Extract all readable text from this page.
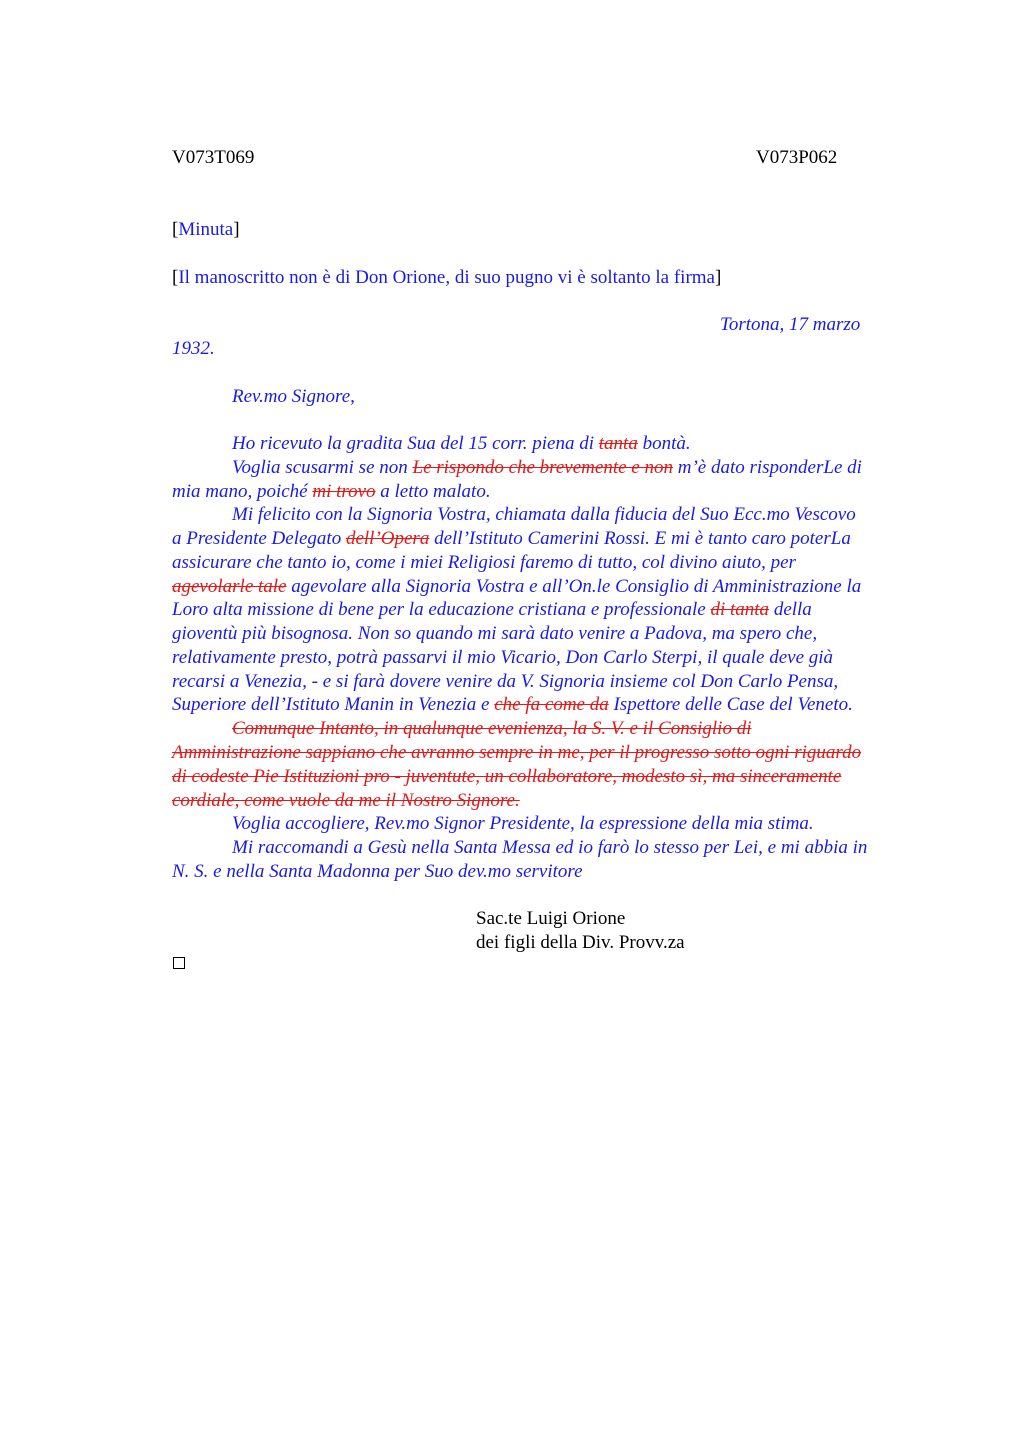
V073T069	V073P062
[Minuta]
[Il manoscritto non è di Don Orione, di suo pugno vi è soltanto la firma]
Tortona, 17 marzo
1932.
Rev.mo Signore,
Ho ricevuto la gradita Sua del 15 corr. piena di tanta bontà.
Voglia scusarmi se non Le rispondo che brevemente e non m’è dato risponderLe di
mia mano, poiché mi trovo a letto malato.
Mi felicito con la Signoria Vostra, chiamata dalla fiducia del Suo Ecc.mo Vescovo
a Presidente Delegato dell’Opera dell’Istituto Camerini Rossi. E mi è tanto caro poterLa
assicurare che tanto io, come i miei Religiosi faremo di tutto, col divino aiuto, per
agevolarle tale agevolare alla Signoria Vostra e all’On.le Consiglio di Amministrazione la
Loro alta missione di bene per la educazione cristiana e professionale di tanta della
gioventù più bisognosa. Non so quando mi sarà dato venire a Padova, ma spero che,
relativamente presto, potrà passarvi il mio Vicario, Don Carlo Sterpi, il quale deve già
recarsi a Venezia, - e si farà dovere venire da V. Signoria insieme col Don Carlo Pensa,
Superiore dell’Istituto Manin in Venezia e che fa come da Ispettore delle Case del Veneto.
Comunque Intanto, in qualunque evenienza, la S. V. e il Consiglio di
Amministrazione sappiano che avranno sempre in me, per il progresso sotto ogni riguardo
di codeste Pie Istituzioni pro - juventute, un collaboratore, modesto sì, ma sinceramente
cordiale, come vuole da me il Nostro Signore.
Voglia accogliere, Rev.mo Signor Presidente, la espressione della mia stima.
Mi raccomandi a Gesù nella Santa Messa ed io farò lo stesso per Lei, e mi abbia in
N. S. e nella Santa Madonna per Suo dev.mo servitore
Sac.te Luigi Orione
dei figli della Div. Provv.za
